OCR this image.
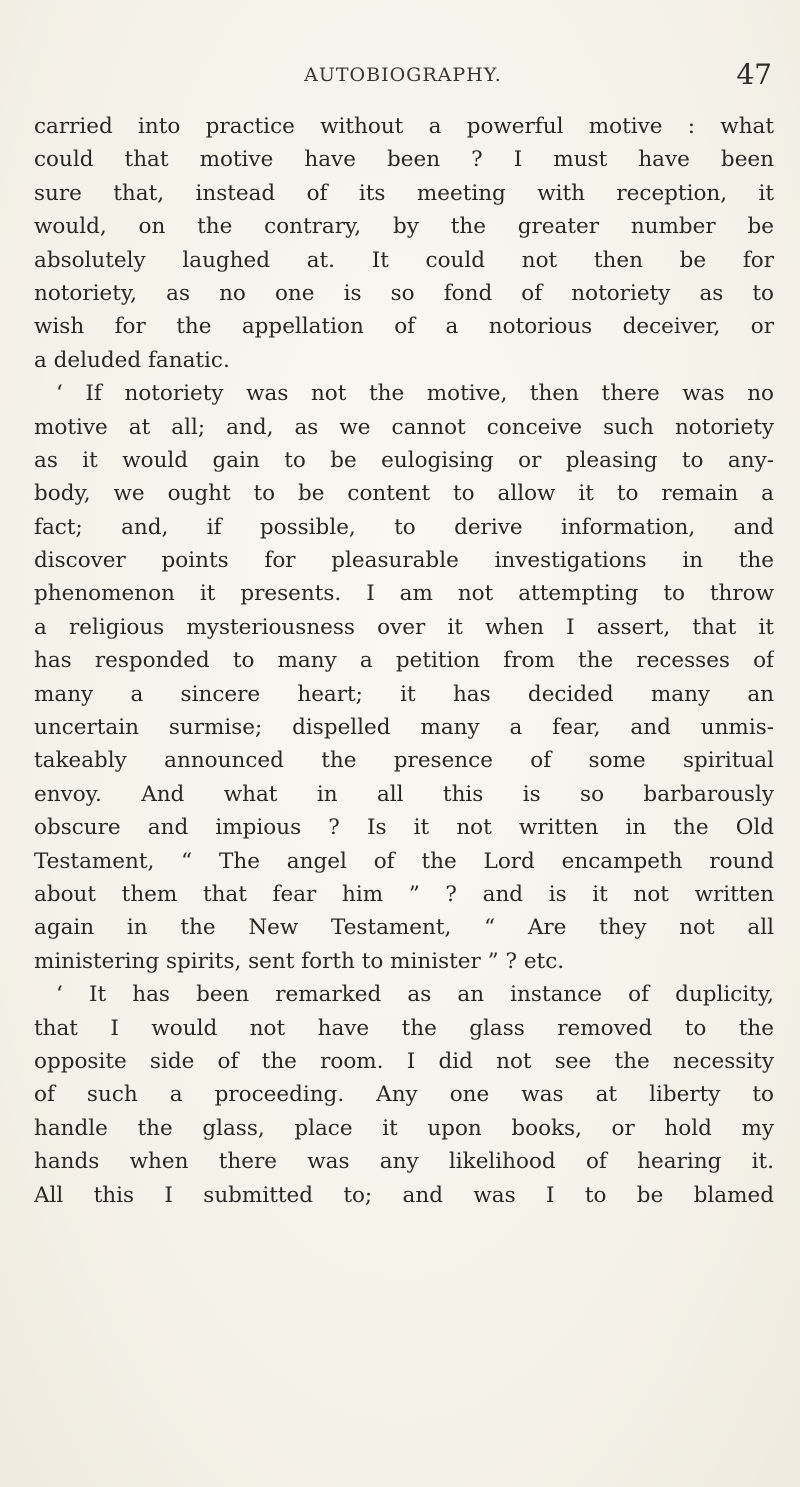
AUTOBIOGRAPHY.	47
carried into practice without a powerful motive : what
could that motive have been ? I must have been
sure that, instead of its meeting with reception, it
would, on the contrary, by the greater number be
absolutely laughed at. It could not then be for
notoriety, as no one is so fond of notoriety as to
wish for the appellation of a notorious deceiver, or
a deluded fanatic.
‘ If notoriety was not the motive, then there was no
motive at all; and, as we cannot conceive such notoriety
as it would gain to be eulogising or pleasing to any-
body, we ought to be content to allow it to remain a
fact; and, if possible, to derive information, and
discover points for pleasurable investigations in the
phenomenon it presents. I am not attempting to throw
a religious mysteriousness over it when I assert, that it
has responded to many a petition from the recesses of
many a sincere heart; it has decided many an
uncertain surmise; dispelled many a fear, and unmis-
takeably announced the presence of some spiritual
envoy. And what in all this is so barbarously
obscure and impious ? Is it not written in the Old
Testament, “ The angel of the Lord encampeth round
about them that fear him ” ? and is it not written
again in the New Testament, “ Are they not all
ministering spirits, sent forth to minister ” ? etc.
‘ It has been remarked as an instance of duplicity,
that I would not have the glass removed to the
opposite side of the room. I did not see the necessity
of such a proceeding. Any one was at liberty to
handle the glass, place it upon books, or hold my
hands when there was any likelihood of hearing it.
All this I submitted to; and was I to be blamed
